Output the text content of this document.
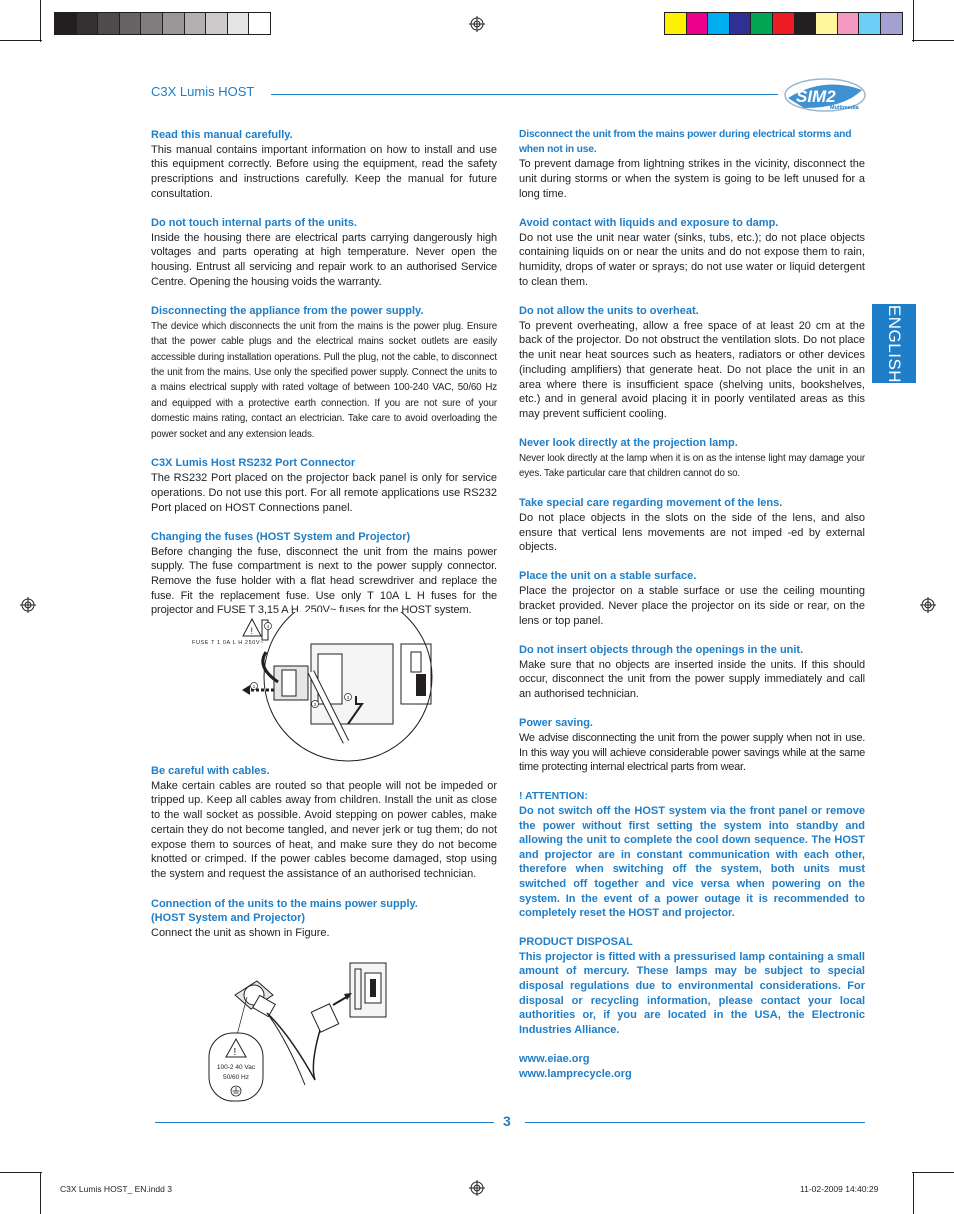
C3X Lumis HOST	SIM2
Multimedia
ENGLISH
Read this manual carefully.
This manual contains important information on how to install and use this equipment correctly. Before using the equipment, read the safety prescriptions and instructions carefully. Keep the manual for future consultation.
Do not touch internal parts of the units.
Inside the housing there are electrical parts carrying dangerously high voltages and parts operating at high temperature. Never open the housing. Entrust all servicing and repair work to an authorised Service Centre. Opening the housing voids the warranty.
Disconnecting the appliance from the power supply.
The device which disconnects the unit from the mains is the power plug. Ensure that the power cable plugs and the electrical mains socket outlets are easily accessible during installation operations. Pull the plug, not the cable, to disconnect the unit from the mains. Use only the specified power supply. Connect the units to a mains electrical supply with rated voltage of between 100-240 VAC, 50/60 Hz and equipped with a protective earth connection. If you are not sure of your domestic mains rating, contact an electrician. Take care to avoid overloading the power socket and any extension leads.
C3X Lumis Host RS232 Port Connector
The RS232 Port placed on the projector back panel is only for service operations. Do not use this port. For all remote applications use RS232 Port placed on HOST Connections panel.
Changing the fuses (HOST System and Projector)
Before changing the fuse, disconnect the unit from the mains power supply. The fuse compartment is next to the power supply connector. Remove the fuse holder with a flat head screwdriver and replace the fuse. Fit the replacement fuse. Use only T 10A L H fuses for the projector and FUSE T 3,15 A H, 250V~ fuses for the HOST system.
FUSE T 1 0A L H 250V~
!	4
1
2
3
Be careful with cables.
Make certain cables are routed so that people will not be impeded or tripped up. Keep all cables away from children. Install the unit as close to the wall socket as possible. Avoid stepping on power cables, make certain they do not become tangled, and never jerk or tug them; do not expose them to sources of heat, and make sure they do not become knotted or crimped. If the power cables become damaged, stop using the system and request the assistance of an authorised technician.
Connection of the units to the mains power supply.
(HOST System and Projector)
Connect the unit as shown in Figure.
!
100-2 40 Vac
50/60 Hz
Disconnect the unit from the mains power during electrical storms and when not in use.
To prevent damage from lightning strikes in the vicinity, disconnect the unit during storms or when the system is going to be left unused for a long time.
Avoid contact with liquids and exposure to damp.
Do not use the unit near water (sinks, tubs, etc.); do not place objects containing liquids on or near the units and do not expose them to rain, humidity, drops of water or sprays; do not use water or liquid detergent to clean them.
Do not allow the units to overheat.
To prevent overheating, allow a free space of at least 20 cm at the back of the projector. Do not obstruct the ventilation slots. Do not place the unit near heat sources such as heaters, radiators or other devices (including amplifiers) that generate heat. Do not place the unit in an area where there is insufficient space (shelving units, bookshelves, etc.) and in general avoid placing it in poorly ventilated areas as this may prevent sufficient cooling.
Never look directly at the projection lamp.
Never look directly at the lamp when it is on as the intense light may damage your eyes. Take particular care that children cannot do so.
Take special care regarding movement of the lens.
Do not place objects in the slots on the side of the lens, and also ensure that vertical lens movements are not imped -ed by external objects.
Place the unit on a stable surface.
Place the projector on a stable surface or use the ceiling mounting bracket provided. Never place the projector on its side or rear, on the lens or top panel.
Do not insert objects through the openings in the unit.
Make sure that no objects are inserted inside the units. If this should occur, disconnect the unit from the power supply immediately and call an authorised technician.
Power saving.
We advise disconnecting the unit from the power supply when not in use. In this way you will achieve considerable power savings while at the same time protecting internal electrical parts from wear.
! ATTENTION:
Do not switch off the HOST system via the front panel or remove the power without first setting the system into standby and allowing the unit to complete the cool down sequence. The HOST and projector are in constant communication with each other, therefore when switching off the system, both units must switched off together and vice versa when powering on the system. In the event of a power outage it is recommended to completely reset the HOST and projector.
PRODUCT DISPOSAL
This projector is fitted with a pressurised lamp containing a small amount of mercury. These lamps may be subject to special disposal regulations due to environmental considerations. For disposal or recycling information, please contact your local authorities or, if you are located in the USA, the Electronic Industries Alliance.
www.eiae.org
www.lamprecycle.org
3
C3X Lumis HOST_ EN.indd 3	11-02-2009 14:40:29
